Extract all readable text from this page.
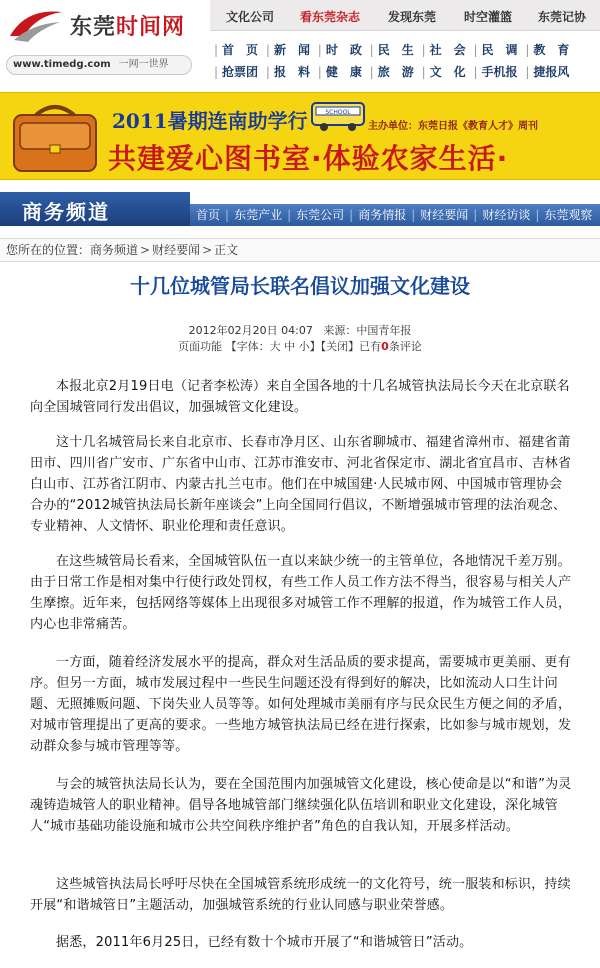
东莞时间网
www.timedg.com 一网一世界
文化公司 看东莞杂志 发现东莞 时空灌篮 东莞记协
| 首　页 | 新　闻 | 时　政 | 民　生 | 社　会 | 民　调 | 教　育
| 抢票团 | 报　料 | 健　康 | 旅　游 | 文　化 | 手机报 | 捷报风
2011暑期连南助学行	SCHOOL
主办单位：东莞日报《教育人才》周刊
共建爱心图书室·体验农家生活·
商务频道	首页 | 东莞产业 | 东莞公司 | 商务情报 | 财经要闻 | 财经访谈 | 东莞观察
您所在的位置：商务频道 > 财经要闻 > 正文
十几位城管局长联名倡议加强文化建设
2012年02月20日 04:07 来源：中国青年报
页面功能 【字体：大 中 小】【关闭】已有0条评论

本报北京2月19日电（记者李松涛）来自全国各地的十几名城管执法局长今天在北京联名向全国城管同行发出倡议，加强城管文化建设。

这十几名城管局长来自北京市、长春市净月区、山东省聊城市、福建省漳州市、福建省莆田市、四川省广安市、广东省中山市、江苏市淮安市、河北省保定市、湖北省宜昌市、吉林省白山市、江苏省江阴市、内蒙古扎兰屯市。他们在中城国建·人民城市网、中国城市管理协会合办的“2012城管执法局长新年座谈会”上向全国同行倡议，不断增强城市管理的法治观念、专业精神、人文情怀、职业伦理和责任意识。

在这些城管局长看来，全国城管队伍一直以来缺少统一的主管单位，各地情况千差万别。由于日常工作是相对集中行使行政处罚权，有些工作人员工作方法不得当，很容易与相关人产生摩擦。近年来，包括网络等媒体上出现很多对城管工作不理解的报道，作为城管工作人员，内心也非常痛苦。

一方面，随着经济发展水平的提高，群众对生活品质的要求提高，需要城市更美丽、更有序。但另一方面，城市发展过程中一些民生问题还没有得到好的解决，比如流动人口生计问题、无照摊贩问题、下岗失业人员等等。如何处理城市美丽有序与民众民生方便之间的矛盾，对城市管理提出了更高的要求。一些地方城管执法局已经在进行探索，比如参与城市规划，发动群众参与城市管理等等。

与会的城管执法局长认为，要在全国范围内加强城管文化建设，核心使命是以“和谐”为灵魂铸造城管人的职业精神。倡导各地城管部门继续强化队伍培训和职业文化建设，深化城管人“城市基础功能设施和城市公共空间秩序维护者”角色的自我认知，开展多样活动。

这些城管执法局长呼吁尽快在全国城管系统形成统一的文化符号，统一服装和标识，持续开展“和谐城管日”主题活动，加强城管系统的行业认同感与职业荣誉感。

据悉，2011年6月25日，已经有数十个城市开展了“和谐城管日”活动。
